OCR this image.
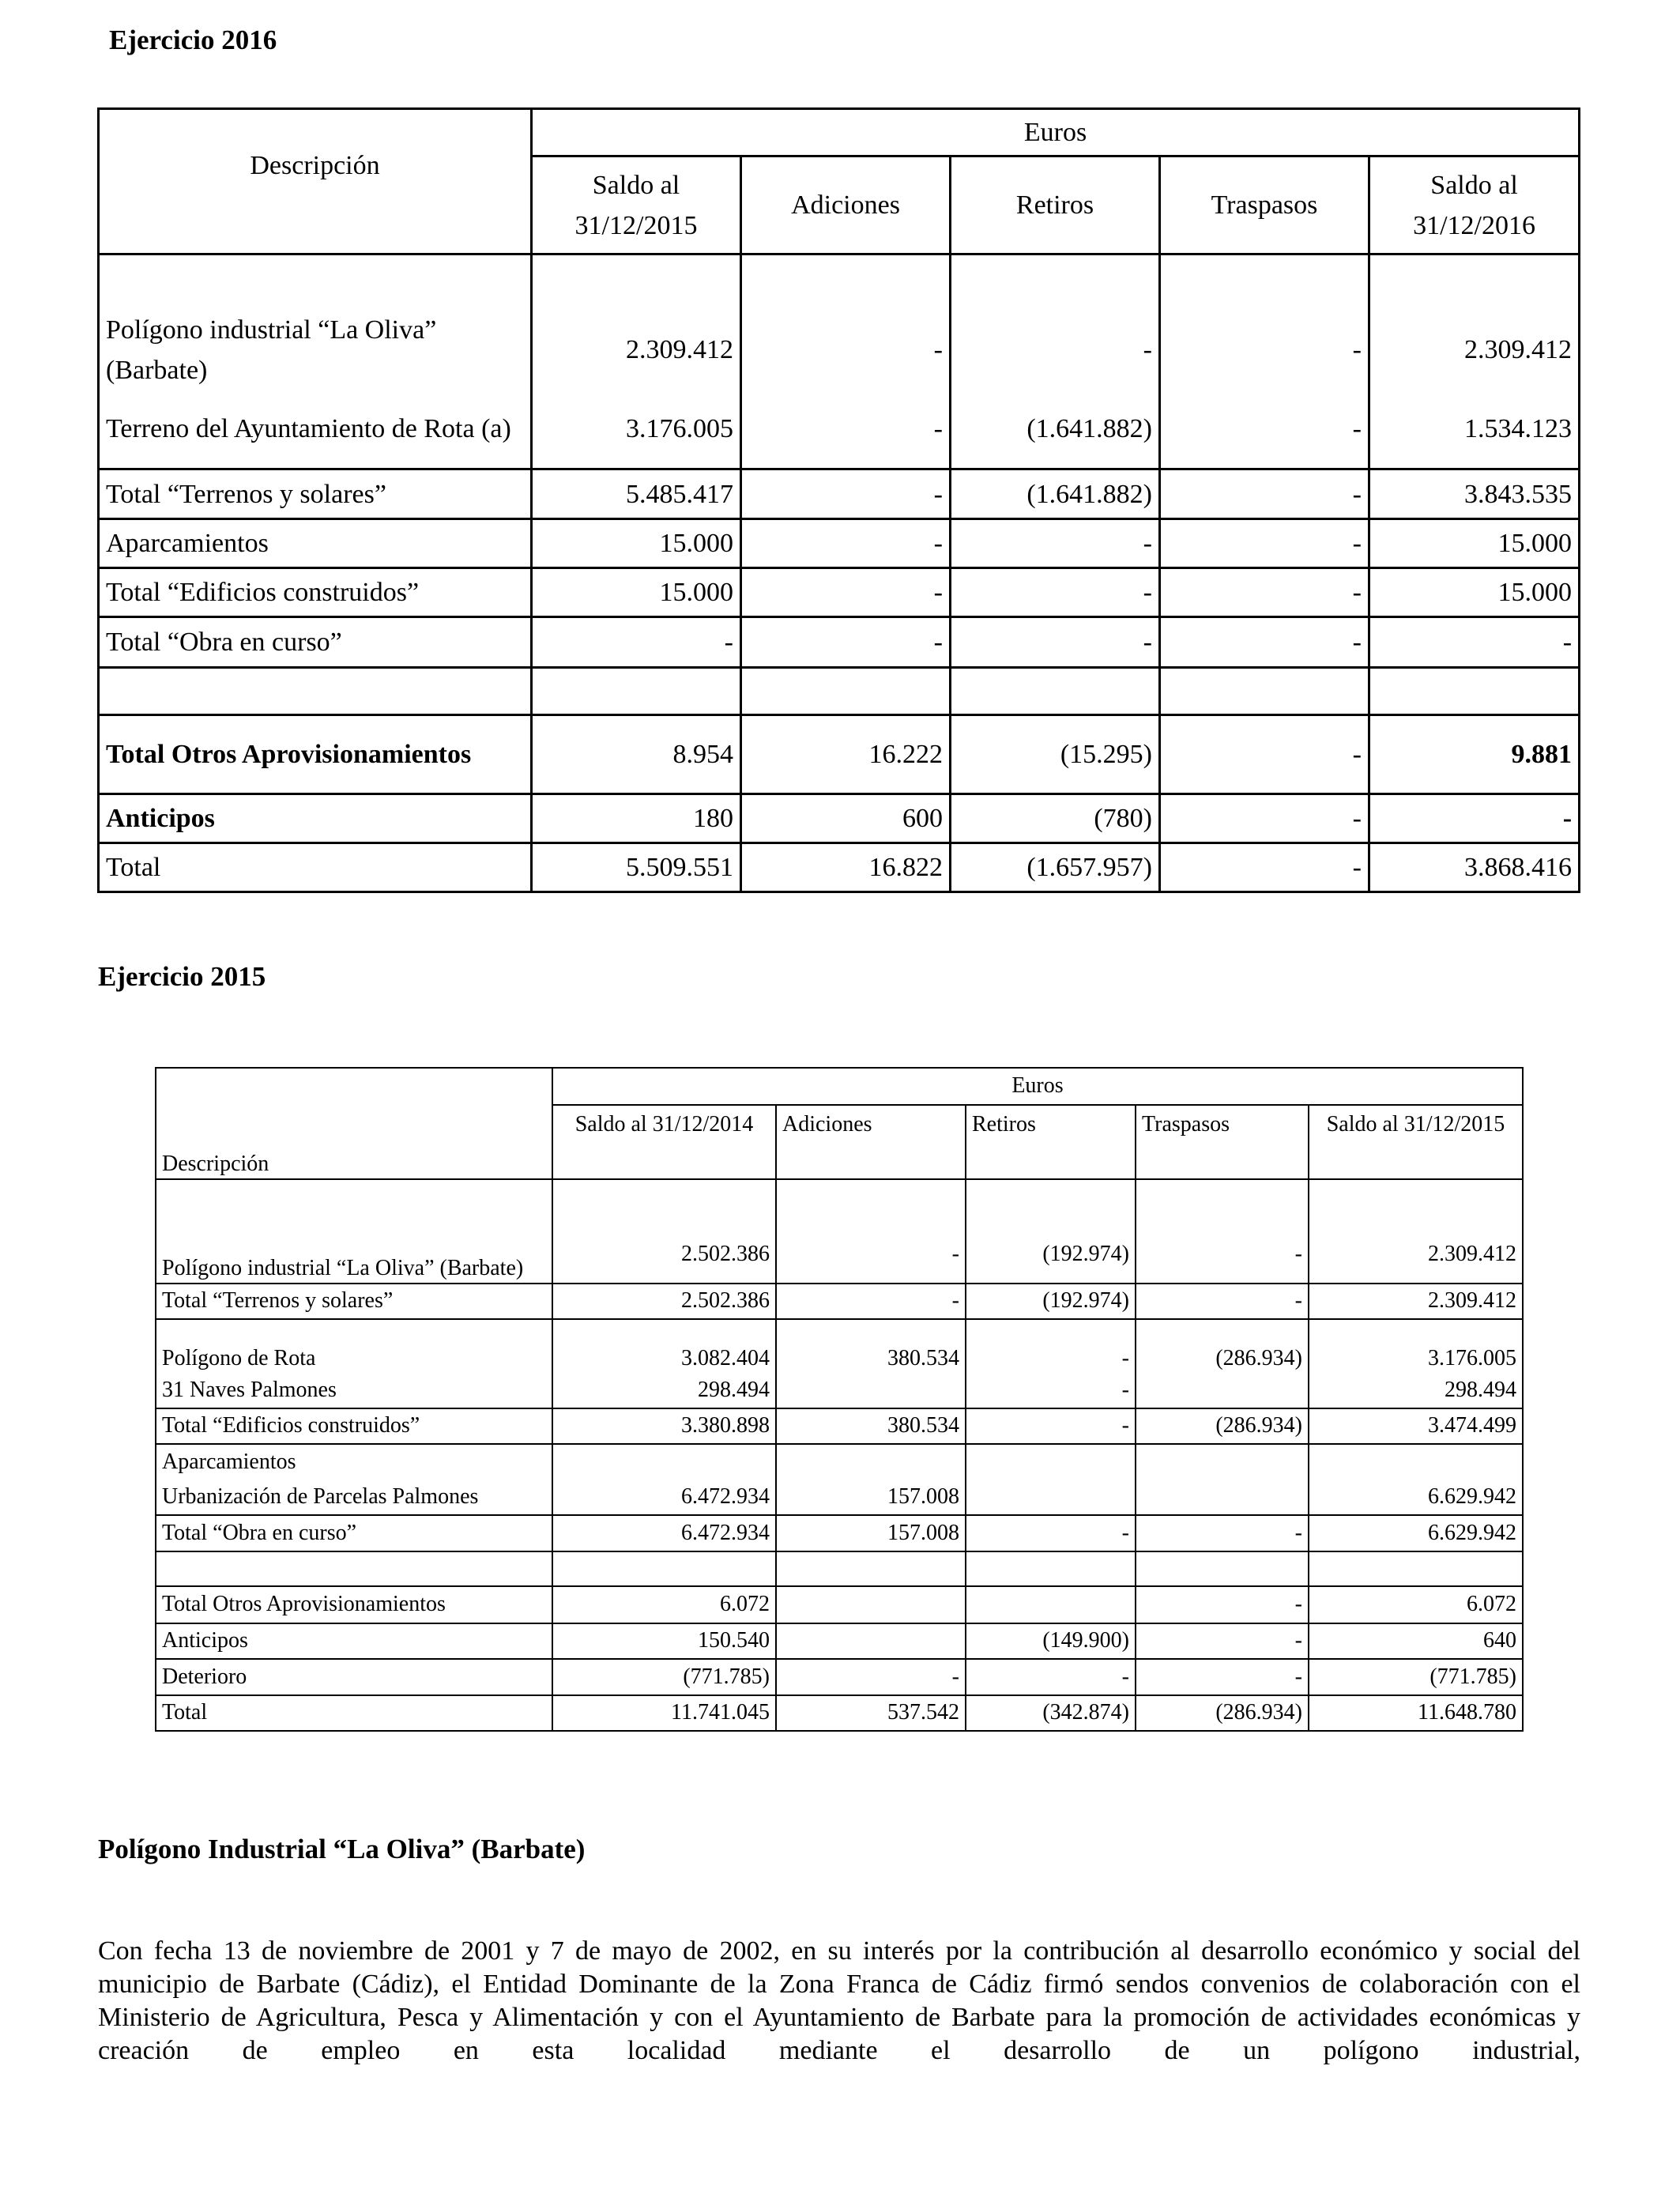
Ejercicio 2016
Descripción	Euros				
	Saldo al 31/12/2015	Adiciones	Retiros	Traspasos	Saldo al 31/12/2016

Polígono industrial “La Oliva” (Barbate)	2.309.412	-	-	-	2.309.412
Terreno del Ayuntamiento de Rota (a)	3.176.005	-	(1.641.882)	-	1.534.123
Total “Terrenos y solares”	5.485.417	-	(1.641.882)	-	3.843.535
Aparcamientos	15.000	-	-	-	15.000
Total “Edificios construidos”	15.000	-	-	-	15.000
Total “Obra en curso”	-	-	-	-	-

Total Otros Aprovisionamientos	8.954	16.222	(15.295)	-	9.881
Anticipos	180	600	(780)	-	-
Total	5.509.551	16.822	(1.657.957)	-	3.868.416
Ejercicio 2015
Descripción	Euros				
	Saldo al 31/12/2014	Adiciones	Retiros	Traspasos	Saldo al 31/12/2015
Polígono industrial “La Oliva” (Barbate)	2.502.386	-	(192.974)	-	2.309.412
Total “Terrenos y solares”	2.502.386	-	(192.974)	-	2.309.412
Polígono de Rota	3.082.404	380.534	-	(286.934)	3.176.005
31 Naves Palmones	298.494		-		298.494
Total “Edificios construidos”	3.380.898	380.534	-	(286.934)	3.474.499
Aparcamientos					
Urbanización de Parcelas Palmones	6.472.934	157.008			6.629.942
Total “Obra en curso”	6.472.934	157.008	-	-	6.629.942

Total Otros Aprovisionamientos	6.072			-	6.072
Anticipos	150.540		(149.900)	-	640
Deterioro	(771.785)	-	-	-	(771.785)
Total	11.741.045	537.542	(342.874)	(286.934)	11.648.780
Polígono Industrial “La Oliva” (Barbate)

Con fecha 13 de noviembre de 2001 y 7 de mayo de 2002, en su interés por la contribución al desarrollo económico y social del municipio de Barbate (Cádiz), el Entidad Dominante de la Zona Franca de Cádiz firmó sendos convenios de colaboración con el Ministerio de Agricultura, Pesca y Alimentación y con el Ayuntamiento de Barbate para la promoción de actividades económicas y creación de empleo en esta localidad mediante el desarrollo de un polígono industrial,
